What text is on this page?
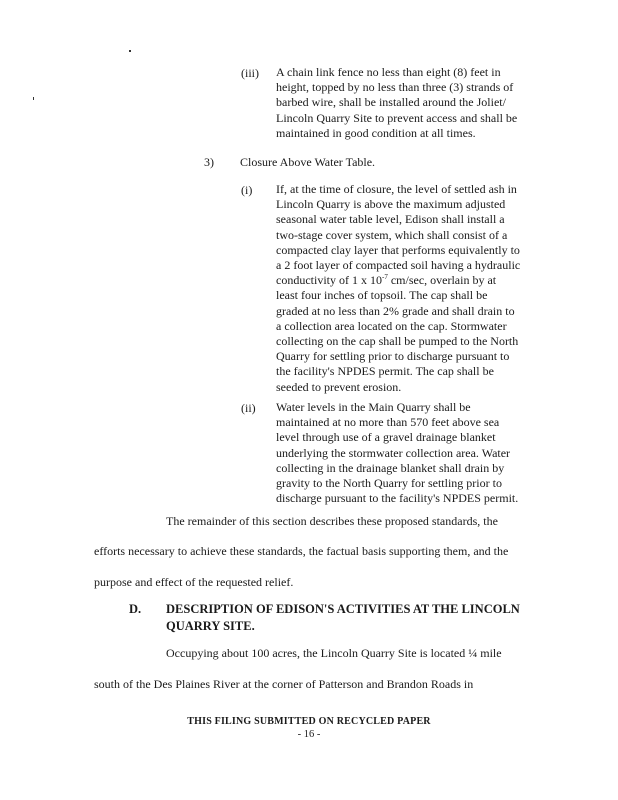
(iii) A chain link fence no less than eight (8) feet in
height, topped by no less than three (3) strands of
barbed wire, shall be installed around the Joliet/
Lincoln Quarry Site to prevent access and shall be
maintained in good condition at all times.
3) Closure Above Water Table.
(i) If, at the time of closure, the level of settled ash in
Lincoln Quarry is above the maximum adjusted
seasonal water table level, Edison shall install a
two-stage cover system, which shall consist of a
compacted clay layer that performs equivalently to
a 2 foot layer of compacted soil having a hydraulic
conductivity of 1 x $10^{-7}$ cm/sec, overlain by at
least four inches of topsoil. The cap shall be
graded at no less than 2% grade and shall drain to
a collection area located on the cap. Stormwater
collecting on the cap shall be pumped to the North
Quarry for settling prior to discharge pursuant to
the facility's NPDES permit. The cap shall be
seeded to prevent erosion.
(ii) Water levels in the Main Quarry shall be
maintained at no more than 570 feet above sea
level through use of a gravel drainage blanket
underlying the stormwater collection area. Water
collecting in the drainage blanket shall drain by
gravity to the North Quarry for settling prior to
discharge pursuant to the facility's NPDES permit.
The remainder of this section describes these proposed standards, the
efforts necessary to achieve these standards, the factual basis supporting them, and the
purpose and effect of the requested relief.
D. DESCRIPTION OF EDISON'S ACTIVITIES AT THE LINCOLN
QUARRY SITE.
Occupying about 100 acres, the Lincoln Quarry Site is located ¼ mile
south of the Des Plaines River at the corner of Patterson and Brandon Roads in
THIS FILING SUBMITTED ON RECYCLED PAPER
- 16 -
